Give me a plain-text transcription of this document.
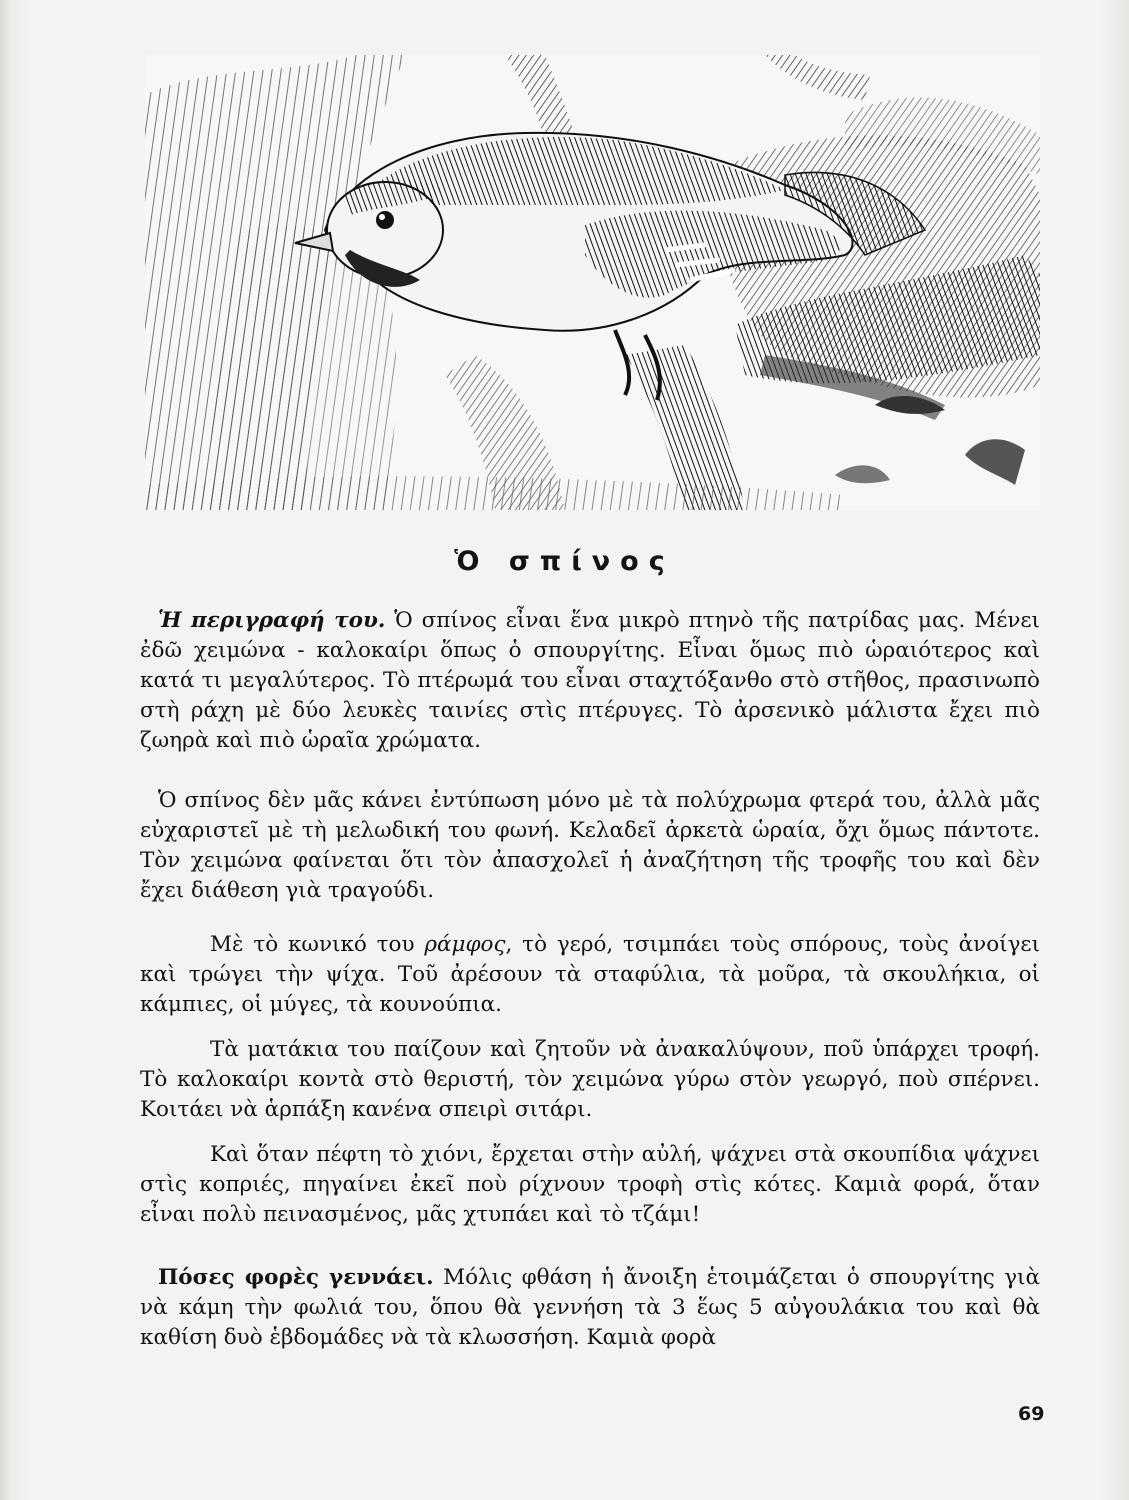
Ὁ σπίνος

Ἡ περιγραφή του. Ὁ σπίνος εἶναι ἕνα μικρὸ πτηνὸ τῆς πατρίδας μας. Μένει ἐδῶ χειμώνα - καλοκαίρι ὅπως ὁ σπουργίτης. Εἶναι ὅμως πιὸ ὡραιότερος καὶ κατά τι μεγαλύτερος. Τὸ πτέρωμά του εἶναι σταχτόξανθο στὸ στῆθος, πρασινωπὸ στὴ ράχη μὲ δύο λευκὲς ταινίες στὶς πτέρυγες. Τὸ ἀρσενικὸ μάλιστα ἔχει πιὸ ζωηρὰ καὶ πιὸ ὡραῖα χρώματα.

Ὁ σπίνος δὲν μᾶς κάνει ἐντύπωση μόνο μὲ τὰ πολύχρωμα φτερά του, ἀλλὰ μᾶς εὐχαριστεῖ μὲ τὴ μελωδική του φωνή. Κελαδεῖ ἀρκετὰ ὡραία, ὄχι ὅμως πάντοτε. Τὸν χειμώνα φαίνεται ὅτι τὸν ἀπασχολεῖ ἡ ἀναζήτηση τῆς τροφῆς του καὶ δὲν ἔχει διάθεση γιὰ τραγούδι.

Μὲ τὸ κωνικό του ράμφος, τὸ γερό, τσιμπάει τοὺς σπόρους, τοὺς ἀνοίγει καὶ τρώγει τὴν ψίχα. Τοῦ ἀρέσουν τὰ σταφύλια, τὰ μοῦρα, τὰ σκουλήκια, οἱ κάμπιες, οἱ μύγες, τὰ κουνούπια.

Τὰ ματάκια του παίζουν καὶ ζητοῦν νὰ ἀνακαλύψουν, ποῦ ὑπάρχει τροφή. Τὸ καλοκαίρι κοντὰ στὸ θεριστή, τὸν χειμώνα γύρω στὸν γεωργό, ποὺ σπέρνει. Κοιτάει νὰ ἁρπάξη κανένα σπειρὶ σιτάρι.

Καὶ ὅταν πέφτη τὸ χιόνι, ἔρχεται στὴν αὐλή, ψάχνει στὰ σκουπίδια ψάχνει στὶς κοπριές, πηγαίνει ἐκεῖ ποὺ ρίχνουν τροφὴ στὶς κότες. Καμιὰ φορά, ὅταν εἶναι πολὺ πεινασμένος, μᾶς χτυπάει καὶ τὸ τζάμι!

Πόσες φορὲς γεννάει. Μόλις φθάση ἡ ἄνοιξη ἑτοιμάζεται ὁ σπουργίτης γιὰ νὰ κάμη τὴν φωλιά του, ὅπου θὰ γεννήση τὰ 3 ἕως 5 αὐγουλάκια του καὶ θὰ καθίση δυὸ ἑβδομάδες νὰ τὰ κλωσσήση. Καμιὰ φορὰ

69
